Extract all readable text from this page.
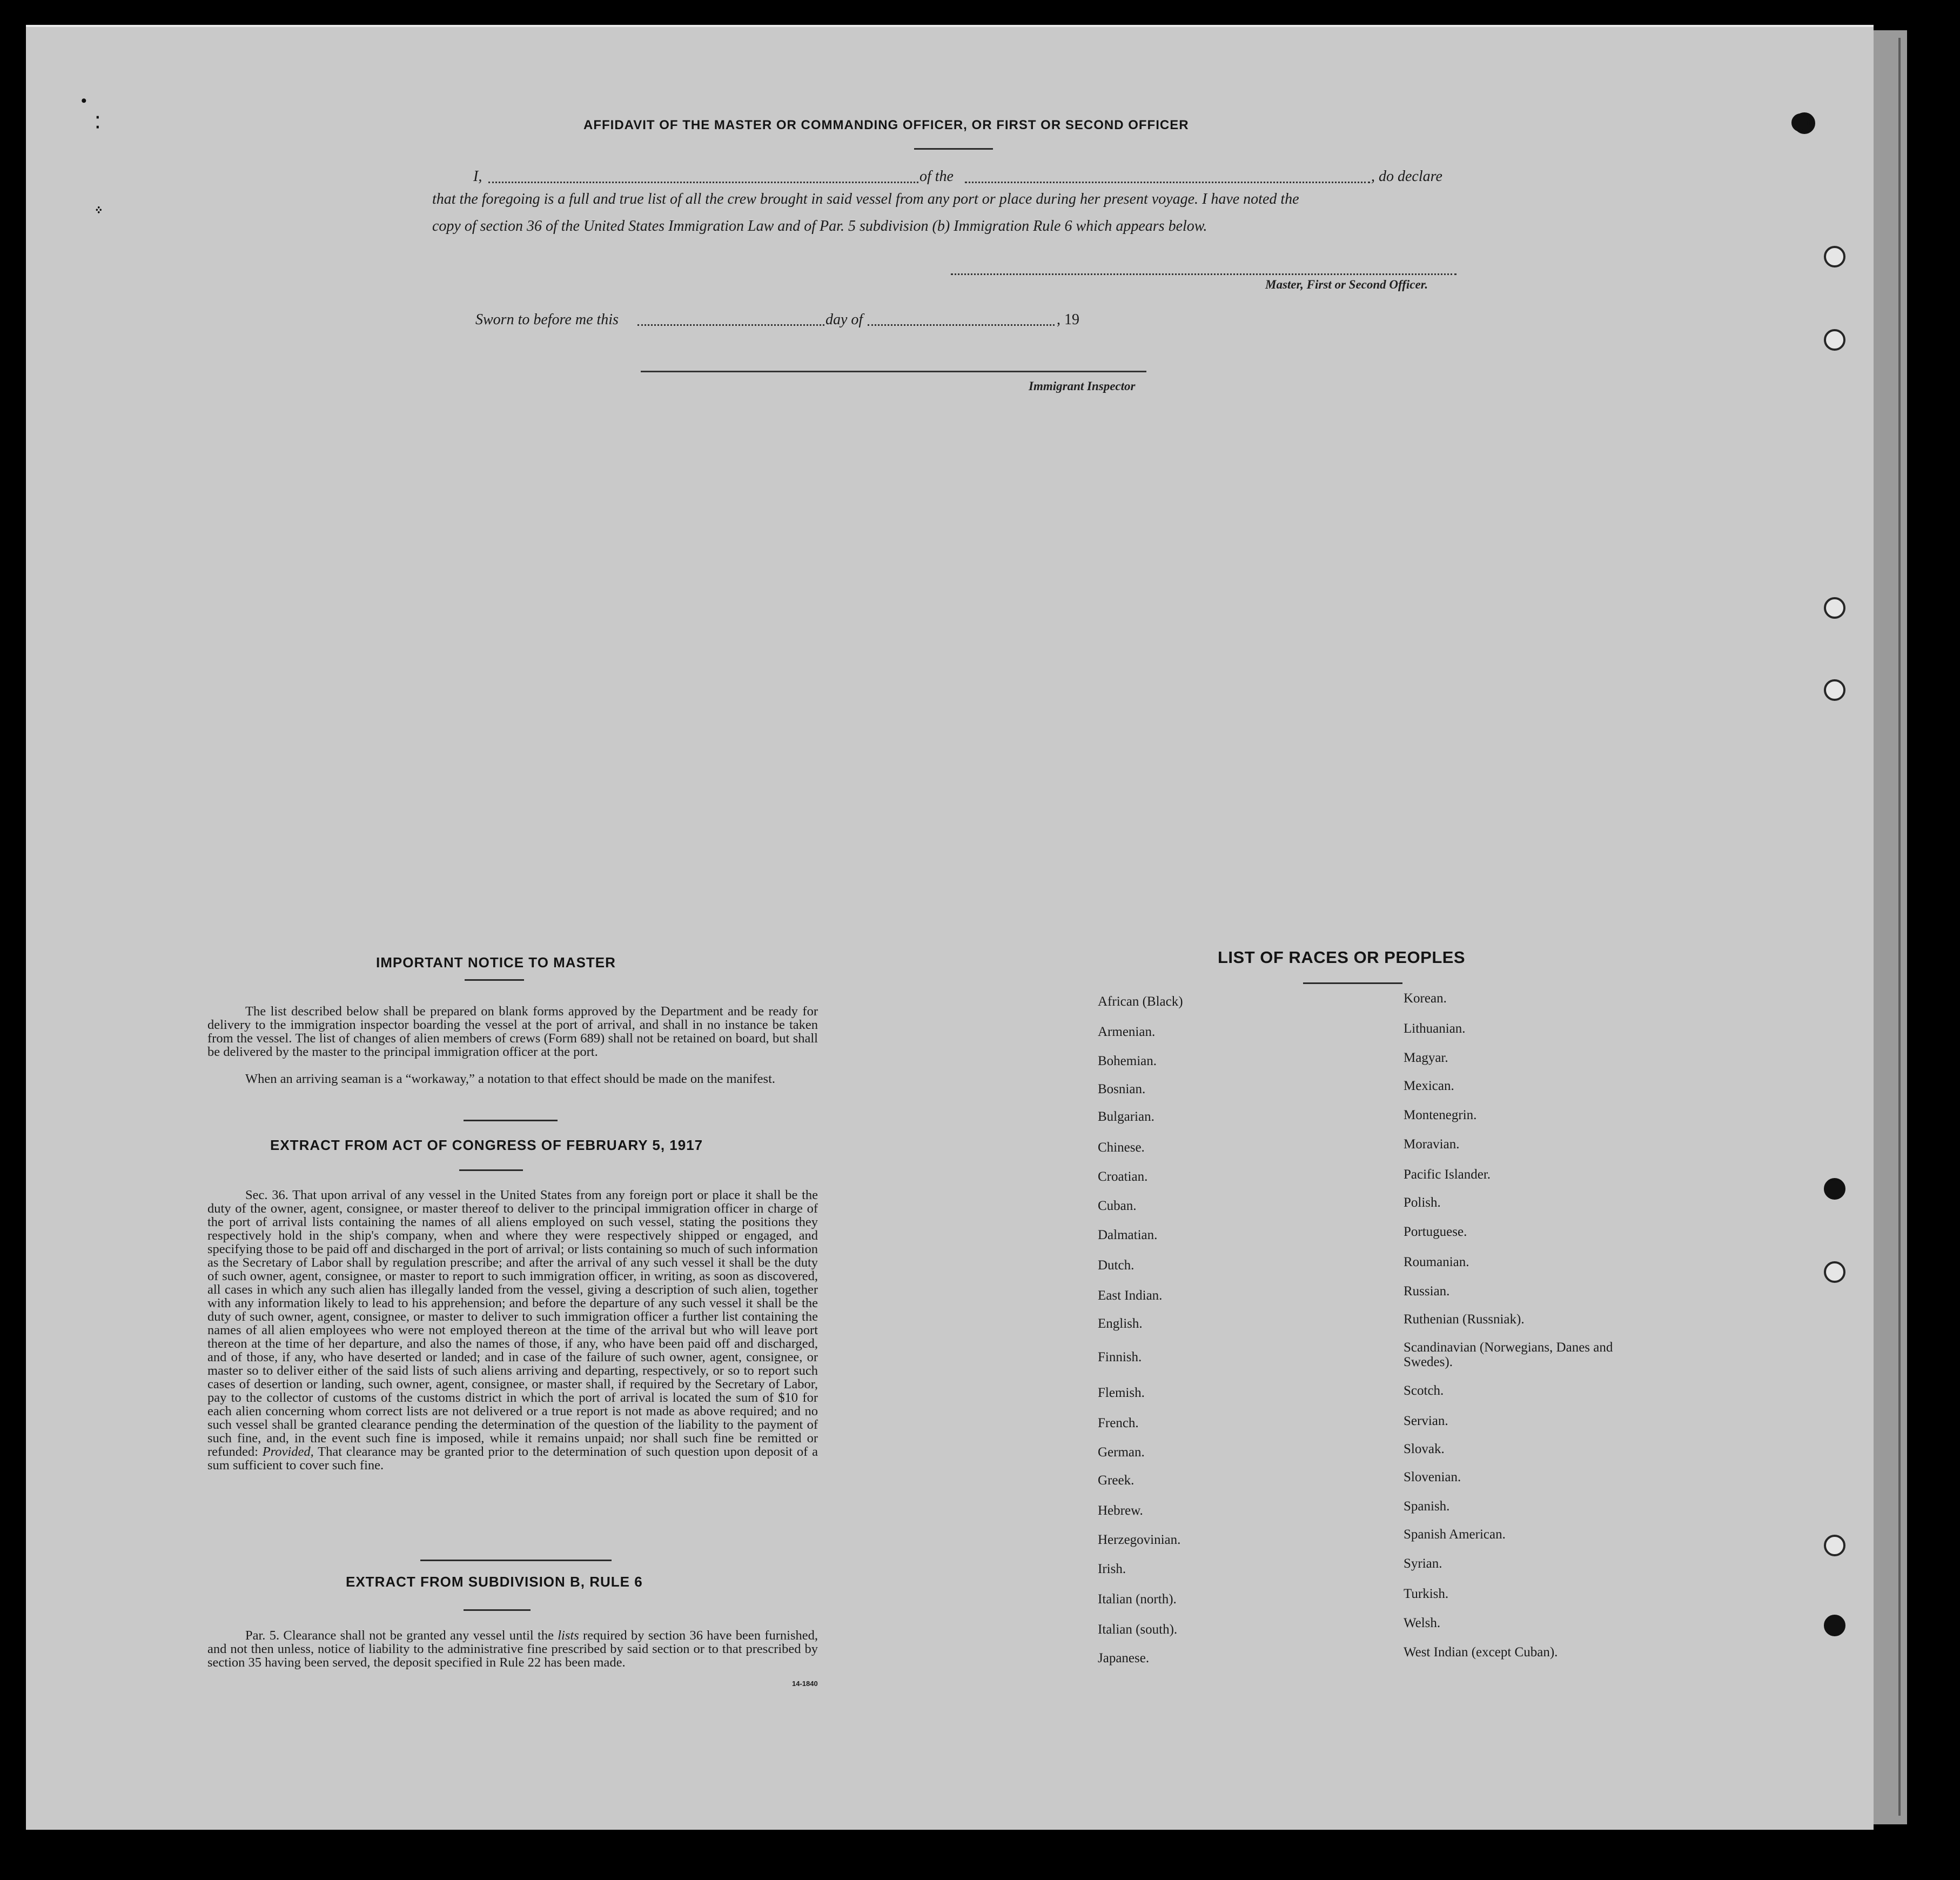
AFFIDAVIT OF THE MASTER OR COMMANDING OFFICER, OR FIRST OR SECOND OFFICER
I,	of the	, do declare
that the foregoing is a full and true list of all the crew brought in said vessel from any port or place during her present voyage. I have noted the
copy of section 36 of the United States Immigration Law and of Par. 5 subdivision (b) Immigration Rule 6 which appears below.
Master, First or Second Officer.
Sworn to before me this	day of	, 19
Immigrant Inspector
IMPORTANT NOTICE TO MASTER
The list described below shall be prepared on blank forms approved by the Department and be ready for delivery to the immigration inspector boarding the vessel at the port of arrival, and shall in no instance be taken from the vessel. The list of changes of alien members of crews (Form 689) shall not be retained on board, but shall be delivered by the master to the principal immigration officer at the port.
When an arriving seaman is a “workaway,” a notation to that effect should be made on the manifest.
EXTRACT FROM ACT OF CONGRESS OF FEBRUARY 5, 1917
Sec. 36. That upon arrival of any vessel in the United States from any foreign port or place it shall be the duty of the owner, agent, consignee, or master thereof to deliver to the principal immigration officer in charge of the port of arrival lists containing the names of all aliens employed on such vessel, stating the positions they respectively hold in the ship's company, when and where they were respectively shipped or engaged, and specifying those to be paid off and discharged in the port of arrival; or lists containing so much of such information as the Secretary of Labor shall by regulation prescribe; and after the arrival of any such vessel it shall be the duty of such owner, agent, consignee, or master to report to such immigration officer, in writing, as soon as discovered, all cases in which any such alien has illegally landed from the vessel, giving a description of such alien, together with any information likely to lead to his apprehension; and before the departure of any such vessel it shall be the duty of such owner, agent, consignee, or master to deliver to such immigration officer a further list containing the names of all alien employees who were not employed thereon at the time of the arrival but who will leave port thereon at the time of her departure, and also the names of those, if any, who have been paid off and discharged, and of those, if any, who have deserted or landed; and in case of the failure of such owner, agent, consignee, or master so to deliver either of the said lists of such aliens arriving and departing, respectively, or so to report such cases of desertion or landing, such owner, agent, consignee, or master shall, if required by the Secretary of Labor, pay to the collector of customs of the customs district in which the port of arrival is located the sum of $10 for each alien concerning whom correct lists are not delivered or a true report is not made as above required; and no such vessel shall be granted clearance pending the determination of the question of the liability to the payment of such fine, and, in the event such fine is imposed, while it remains unpaid; nor shall such fine be remitted or refunded: Provided, That clearance may be granted prior to the determination of such question upon deposit of a sum sufficient to cover such fine.
EXTRACT FROM SUBDIVISION B, RULE 6
Par. 5. Clearance shall not be granted any vessel until the lists required by section 36 have been furnished, and not then unless, notice of liability to the administrative fine prescribed by said section or to that prescribed by section 35 having been served, the deposit specified in Rule 22 has been made.
14-1840
LIST OF RACES OR PEOPLES
African (Black)
Armenian.
Bohemian.
Bosnian.
Bulgarian.
Chinese.
Croatian.
Cuban.
Dalmatian.
Dutch.
East Indian.
English.
Finnish.
Flemish.
French.
German.
Greek.
Hebrew.
Herzegovinian.
Irish.
Italian (north).
Italian (south).
Japanese.
Korean.
Lithuanian.
Magyar.
Mexican.
Montenegrin.
Moravian.
Pacific Islander.
Polish.
Portuguese.
Roumanian.
Russian.
Ruthenian (Russniak).
Scandinavian (Norwegians, Danes and Swedes).
Scotch.
Servian.
Slovak.
Slovenian.
Spanish.
Spanish American.
Syrian.
Turkish.
Welsh.
West Indian (except Cuban).
•
⁚
᠅
